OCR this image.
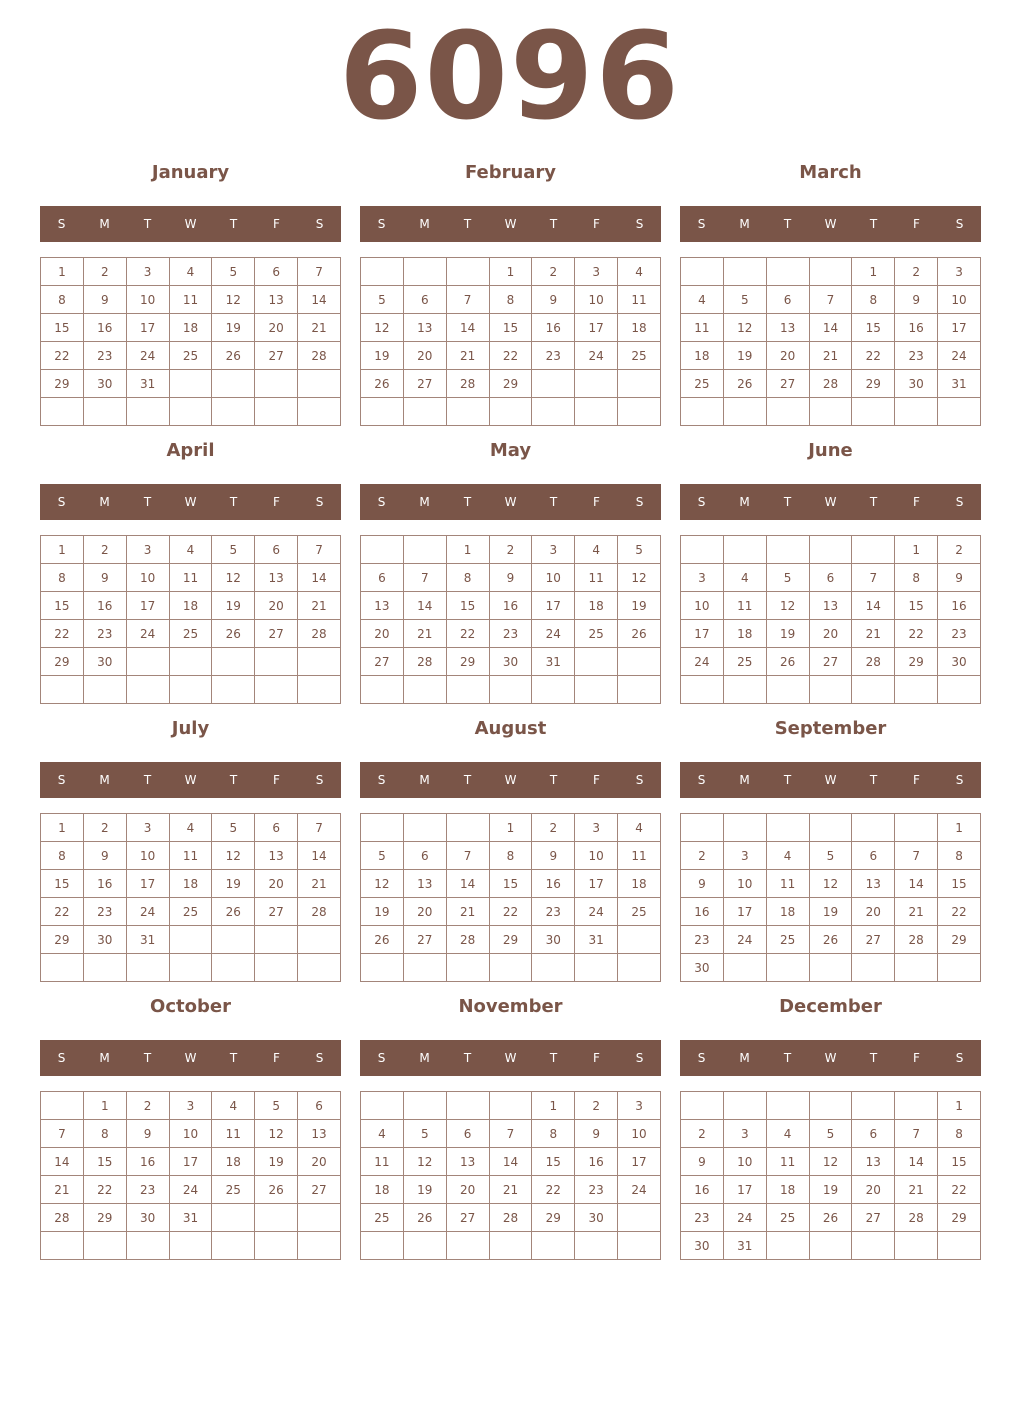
6096
January
S	M	T	W	T	F	S
1	2	3	4	5	6	7
8	9	10	11	12	13	14
15	16	17	18	19	20	21
22	23	24	25	26	27	28
29	30	31				

February
S	M	T	W	T	F	S
			1	2	3	4
5	6	7	8	9	10	11
12	13	14	15	16	17	18
19	20	21	22	23	24	25
26	27	28	29			

March
S	M	T	W	T	F	S
				1	2	3
4	5	6	7	8	9	10
11	12	13	14	15	16	17
18	19	20	21	22	23	24
25	26	27	28	29	30	31

April
S	M	T	W	T	F	S
1	2	3	4	5	6	7
8	9	10	11	12	13	14
15	16	17	18	19	20	21
22	23	24	25	26	27	28
29	30					

May
S	M	T	W	T	F	S
		1	2	3	4	5
6	7	8	9	10	11	12
13	14	15	16	17	18	19
20	21	22	23	24	25	26
27	28	29	30	31		

June
S	M	T	W	T	F	S
					1	2
3	4	5	6	7	8	9
10	11	12	13	14	15	16
17	18	19	20	21	22	23
24	25	26	27	28	29	30

July
S	M	T	W	T	F	S
1	2	3	4	5	6	7
8	9	10	11	12	13	14
15	16	17	18	19	20	21
22	23	24	25	26	27	28
29	30	31				

August
S	M	T	W	T	F	S
			1	2	3	4
5	6	7	8	9	10	11
12	13	14	15	16	17	18
19	20	21	22	23	24	25
26	27	28	29	30	31	

September
S	M	T	W	T	F	S
						1
2	3	4	5	6	7	8
9	10	11	12	13	14	15
16	17	18	19	20	21	22
23	24	25	26	27	28	29
30						
October
S	M	T	W	T	F	S
	1	2	3	4	5	6
7	8	9	10	11	12	13
14	15	16	17	18	19	20
21	22	23	24	25	26	27
28	29	30	31			

November
S	M	T	W	T	F	S
				1	2	3
4	5	6	7	8	9	10
11	12	13	14	15	16	17
18	19	20	21	22	23	24
25	26	27	28	29	30	

December
S	M	T	W	T	F	S
						1
2	3	4	5	6	7	8
9	10	11	12	13	14	15
16	17	18	19	20	21	22
23	24	25	26	27	28	29
30	31					
